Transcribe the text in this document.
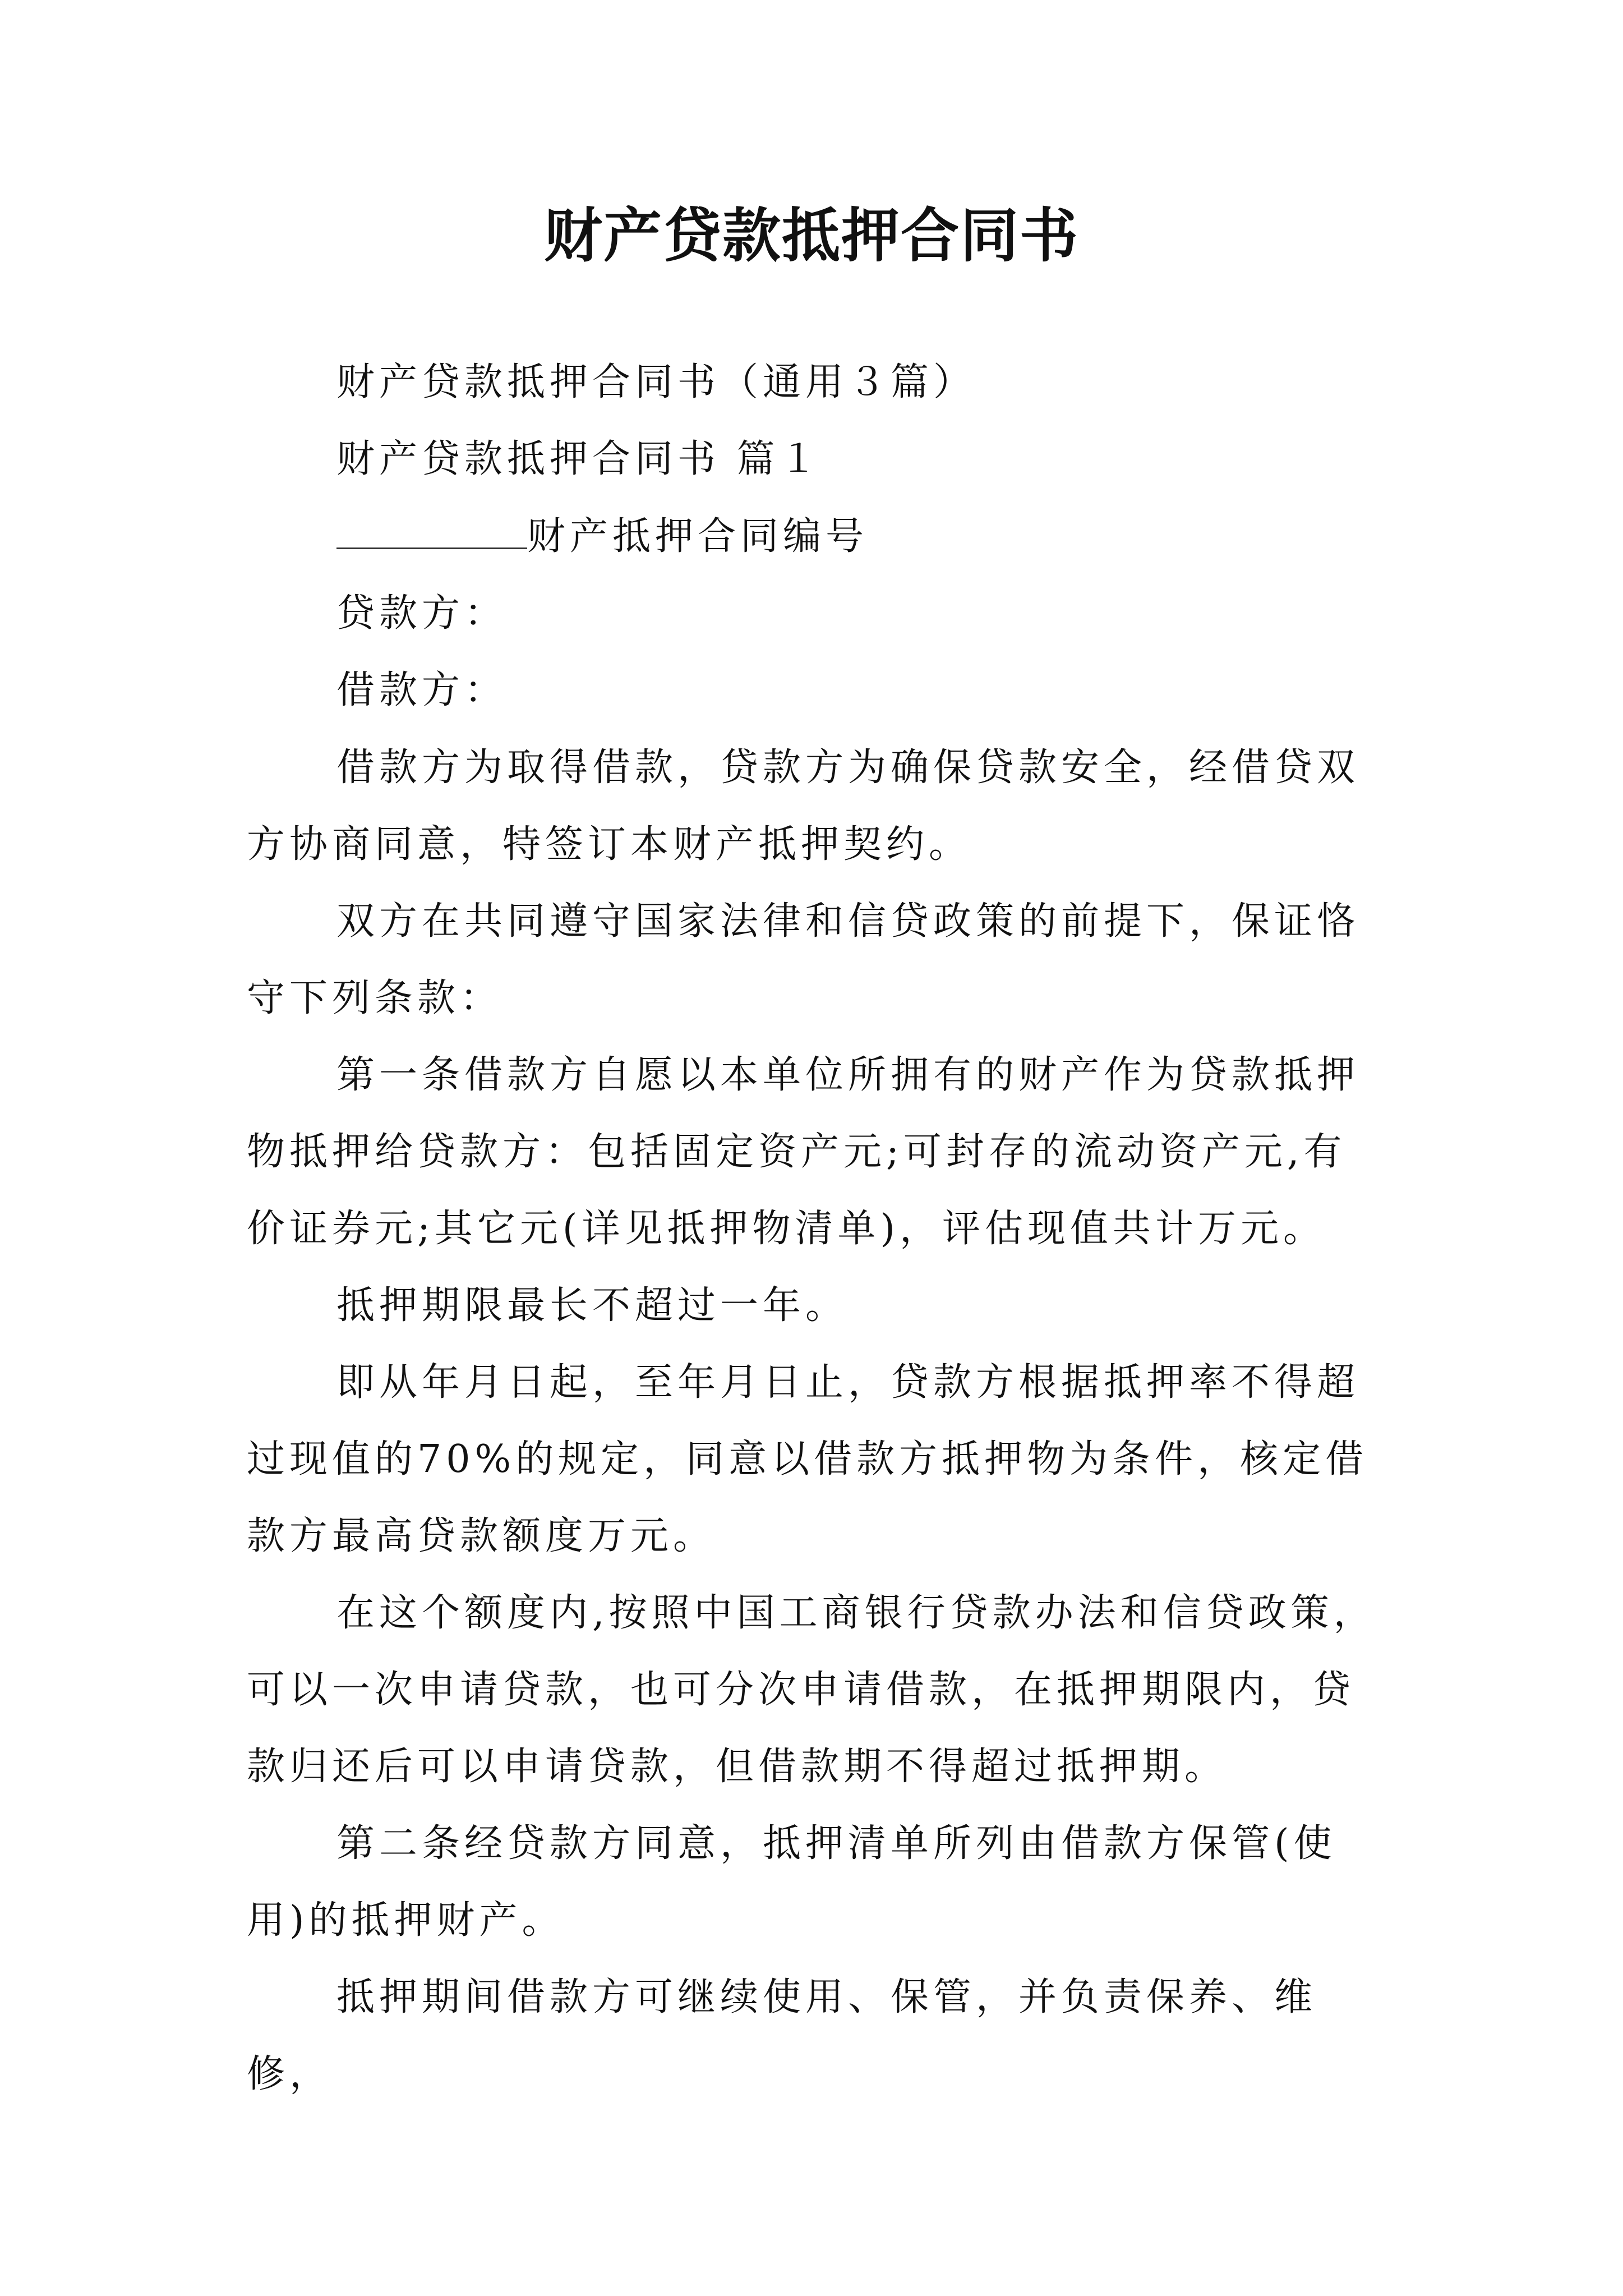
财产贷款抵押合同书
财产贷款抵押合同书（通用３篇）
财产贷款抵押合同书 篇１
财产抵押合同编号
贷款方：
借款方：
借款方为取得借款，贷款方为确保贷款安全，经借贷双方协商同意，特签订本财产抵押契约。
双方在共同遵守国家法律和信贷政策的前提下，保证恪守下列条款：
第一条借款方自愿以本单位所拥有的财产作为贷款抵押物抵押给贷款方：包括固定资产元;可封存的流动资产元,有价证券元;其它元(详见抵押物清单)，评估现值共计万元。
抵押期限最长不超过一年。
即从年月日起，至年月日止，贷款方根据抵押率不得超过现值的70%的规定，同意以借款方抵押物为条件，核定借款方最高贷款额度万元。
在这个额度内,按照中国工商银行贷款办法和信贷政策，可以一次申请贷款，也可分次申请借款，在抵押期限内，贷款归还后可以申请贷款，但借款期不得超过抵押期。
第二条经贷款方同意，抵押清单所列由借款方保管(使用)的抵押财产。
抵押期间借款方可继续使用、保管，并负责保养、维修，
